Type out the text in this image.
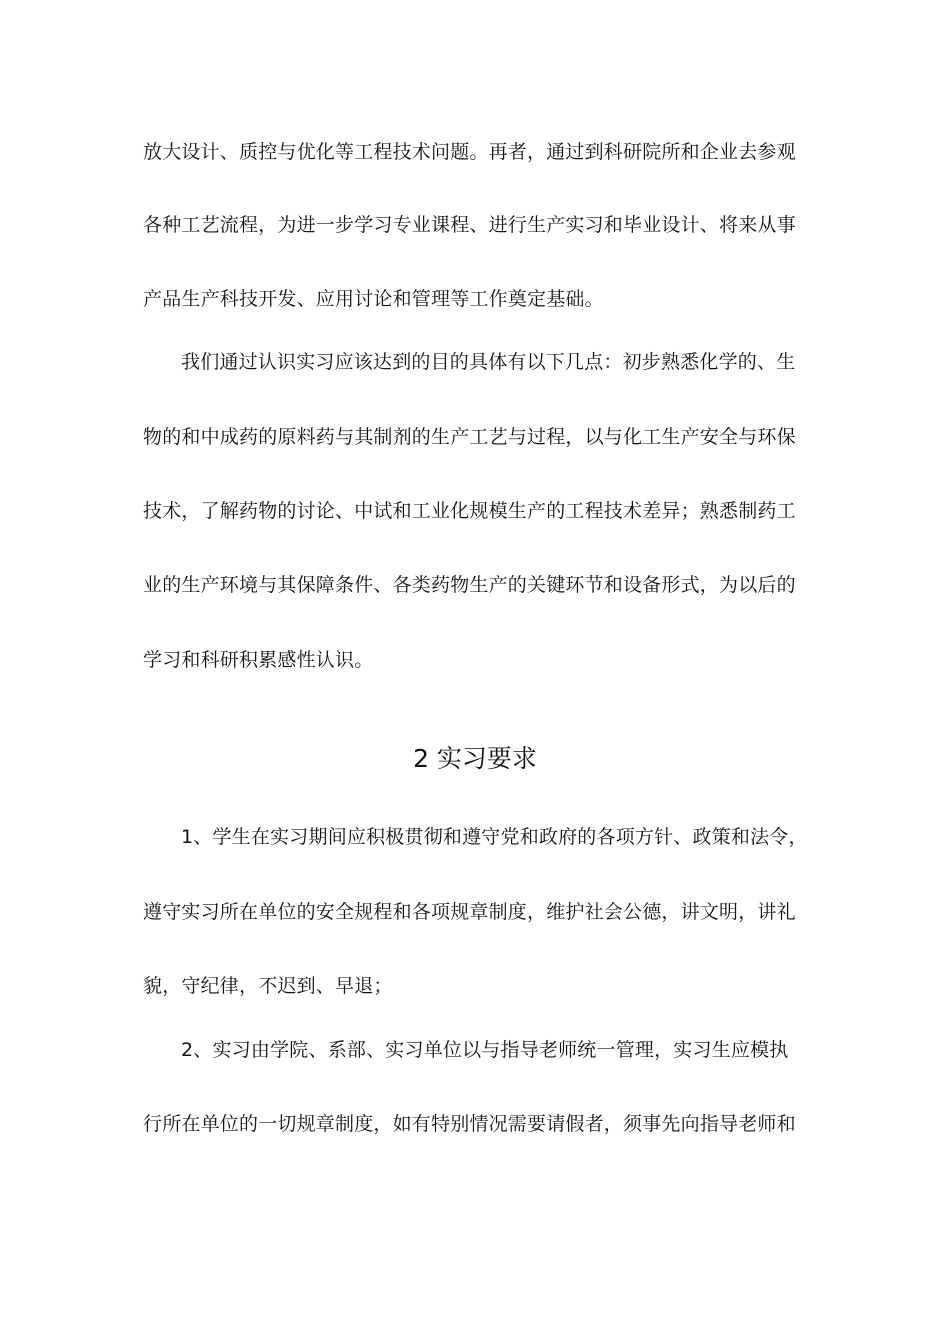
放大设计、质控与优化等工程技术问题。再者，通过到科研院所和企业去参观
各种工艺流程，为进一步学习专业课程、进行生产实习和毕业设计、将来从事
产品生产科技开发、应用讨论和管理等工作奠定基础。
我们通过认识实习应该达到的目的具体有以下几点：初步熟悉化学的、生
物的和中成药的原料药与其制剂的生产工艺与过程，以与化工生产安全与环保
技术，了解药物的讨论、中试和工业化规模生产的工程技术差异；熟悉制药工
业的生产环境与其保障条件、各类药物生产的关键环节和设备形式，为以后的
学习和科研积累感性认识。
2 实习要求
1、学生在实习期间应积极贯彻和遵守党和政府的各项方针、政策和法令，
遵守实习所在单位的安全规程和各项规章制度，维护社会公德，讲文明，讲礼
貌，守纪律，不迟到、早退；
2、实习由学院、系部、实习单位以与指导老师统一管理，实习生应模执
行所在单位的一切规章制度，如有特别情况需要请假者，须事先向指导老师和
